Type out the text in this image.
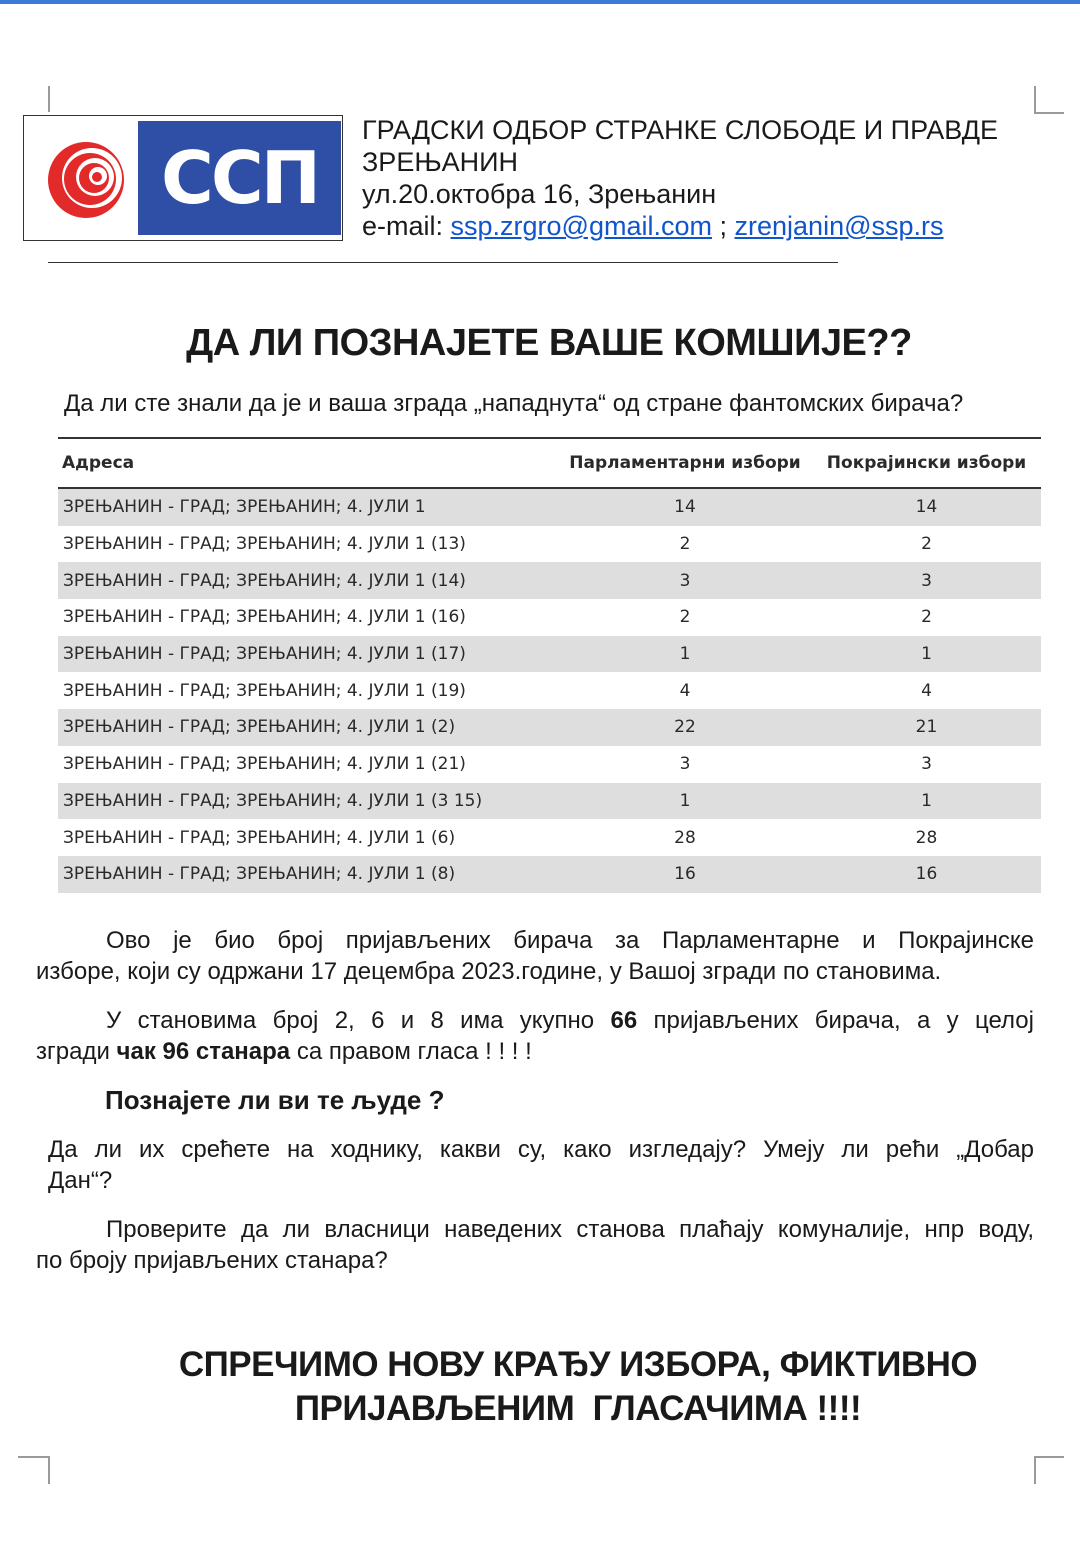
ССП
ГРАДСКИ ОДБОР СТРАНКЕ СЛОБОДЕ И ПРАВДЕ
ЗРЕЊАНИН
ул.20.октобра 16, Зрењанин
e-mail: ssp.zrgro@gmail.com ; zrenjanin@ssp.rs
ДА ЛИ ПОЗНАЈЕТЕ ВАШЕ КОМШИЈЕ??
Да ли сте знали да је и ваша зграда „нападнута“ од стране фантомских бирача?
Адреса	Парламентарни избори	Покрајински избори
ЗРЕЊАНИН - ГРАД; ЗРЕЊАНИН; 4. ЈУЛИ 1	14	14
ЗРЕЊАНИН - ГРАД; ЗРЕЊАНИН; 4. ЈУЛИ 1 (13)	2	2
ЗРЕЊАНИН - ГРАД; ЗРЕЊАНИН; 4. ЈУЛИ 1 (14)	3	3
ЗРЕЊАНИН - ГРАД; ЗРЕЊАНИН; 4. ЈУЛИ 1 (16)	2	2
ЗРЕЊАНИН - ГРАД; ЗРЕЊАНИН; 4. ЈУЛИ 1 (17)	1	1
ЗРЕЊАНИН - ГРАД; ЗРЕЊАНИН; 4. ЈУЛИ 1 (19)	4	4
ЗРЕЊАНИН - ГРАД; ЗРЕЊАНИН; 4. ЈУЛИ 1 (2)	22	21
ЗРЕЊАНИН - ГРАД; ЗРЕЊАНИН; 4. ЈУЛИ 1 (21)	3	3
ЗРЕЊАНИН - ГРАД; ЗРЕЊАНИН; 4. ЈУЛИ 1 (3 15)	1	1
ЗРЕЊАНИН - ГРАД; ЗРЕЊАНИН; 4. ЈУЛИ 1 (6)	28	28
ЗРЕЊАНИН - ГРАД; ЗРЕЊАНИН; 4. ЈУЛИ 1 (8)	16	16
Ово је био број пријављених бирача за Парламентарне и Покрајинске
изборе, који су одржани 17 децембра 2023.године, у Вашој згради по становима.
У становима број 2, 6 и 8 има укупно 66 пријављених бирача, а у целој
згради чак 96 станара са правом гласа ! ! ! !
Познајете ли ви те људе ?
Да ли их срећете на ходнику, какви су, како изгледају? Умеју ли рећи „Добар
Дан“?
Проверите да ли власници наведених станова плаћају комуналије, нпр воду,
по броју пријављених станара?
СПРЕЧИМО НОВУ КРАЂУ ИЗБОРА, ФИКТИВНО
ПРИЈАВЉЕНИМ  ГЛАСАЧИМА !!!!
